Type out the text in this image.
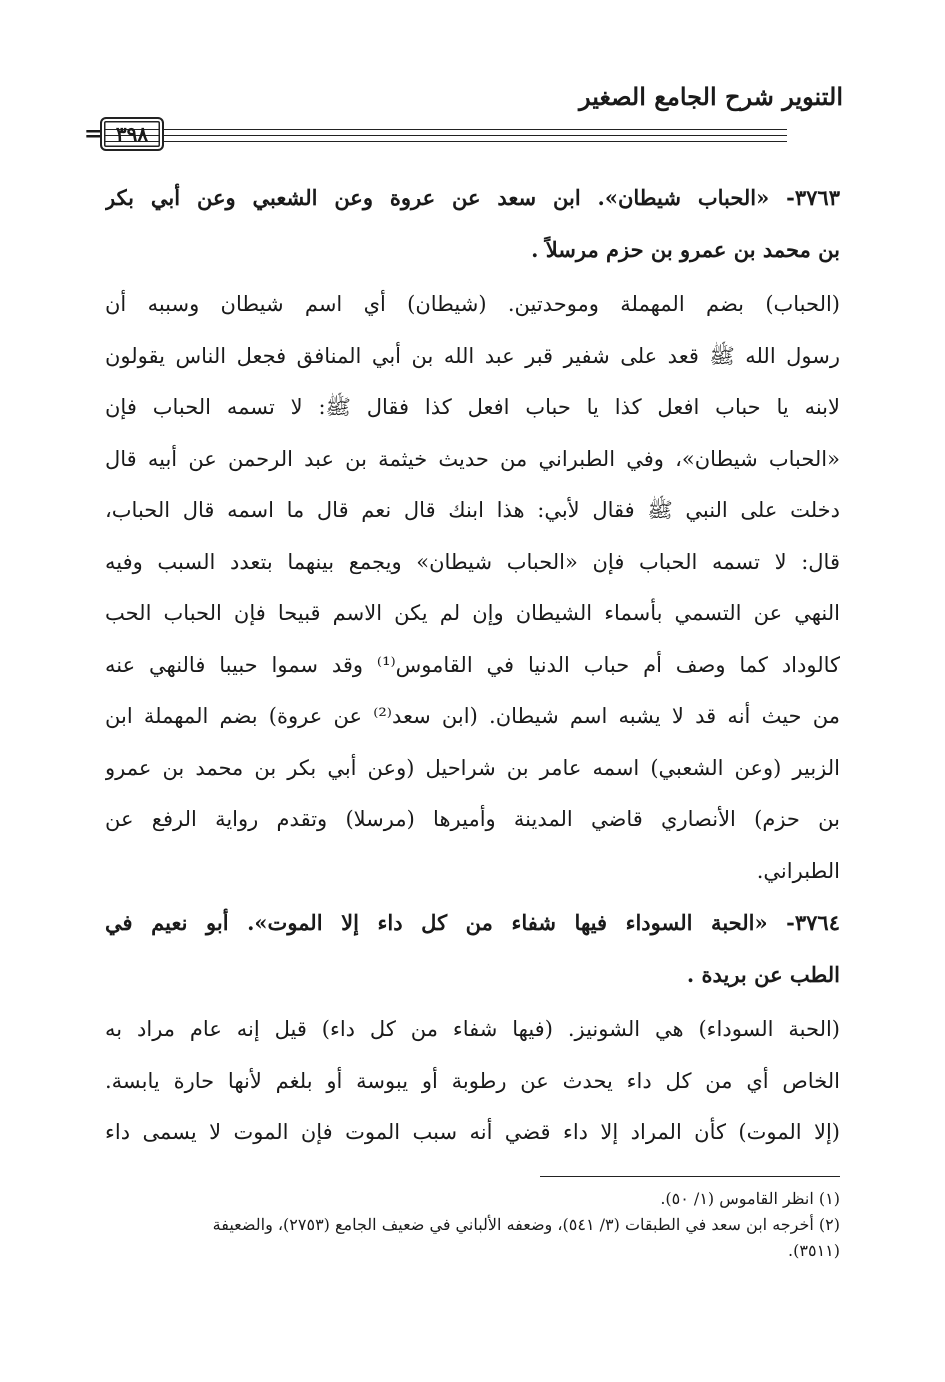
التنوير شرح الجامع الصغير
٣٩٨
=
٣٧٦٣- «الحباب شيطان». ابن سعد عن عروة وعن الشعبي وعن أبي بكر
بن محمد بن عمرو بن حزم مرسلاً .
(الحباب) بضم المهملة وموحدتين. (شيطان) أي اسم شيطان وسببه أن
رسول الله ﷺ قعد على شفير قبر عبد الله بن أبي المنافق فجعل الناس يقولون
لابنه يا حباب افعل كذا يا حباب افعل كذا فقال ﷺ: لا تسمه الحباب فإن
«الحباب شيطان»، وفي الطبراني من حديث خيثمة بن عبد الرحمن عن أبيه قال
دخلت على النبي ﷺ فقال لأبي: هذا ابنك قال نعم قال ما اسمه قال الحباب،
قال: لا تسمه الحباب فإن «الحباب شيطان» ويجمع بينهما بتعدد السبب وفيه
النهي عن التسمي بأسماء الشيطان وإن لم يكن الاسم قبيحا فإن الحباب الحب
كالوداد كما وصف أم حباب الدنيا في القاموس⁽¹⁾ وقد سموا حبيبا فالنهي عنه
من حيث أنه قد لا يشبه اسم شيطان. (ابن سعد⁽²⁾ عن عروة) بضم المهملة ابن
الزبير (وعن الشعبي) اسمه عامر بن شراحيل (وعن أبي بكر بن محمد بن عمرو
بن حزم) الأنصاري قاضي المدينة وأميرها (مرسلا) وتقدم رواية الرفع عن
الطبراني.
٣٧٦٤- «الحبة السوداء فيها شفاء من كل داء إلا الموت». أبو نعيم في
الطب عن بريدة .
(الحبة السوداء) هي الشونيز. (فيها شفاء من كل داء) قيل إنه عام مراد به
الخاص أي من كل داء يحدث عن رطوبة أو يبوسة أو بلغم لأنها حارة يابسة.
(إلا الموت) كأن المراد إلا داء قضي أنه سبب الموت فإن الموت لا يسمى داء
(١) انظر القاموس (١/ ٥٠).
(٢) أخرجه ابن سعد في الطبقات (٣/ ٥٤١)، وضعفه الألباني في ضعيف الجامع (٢٧٥٣)، والضعيفة
(٣٥١١).
